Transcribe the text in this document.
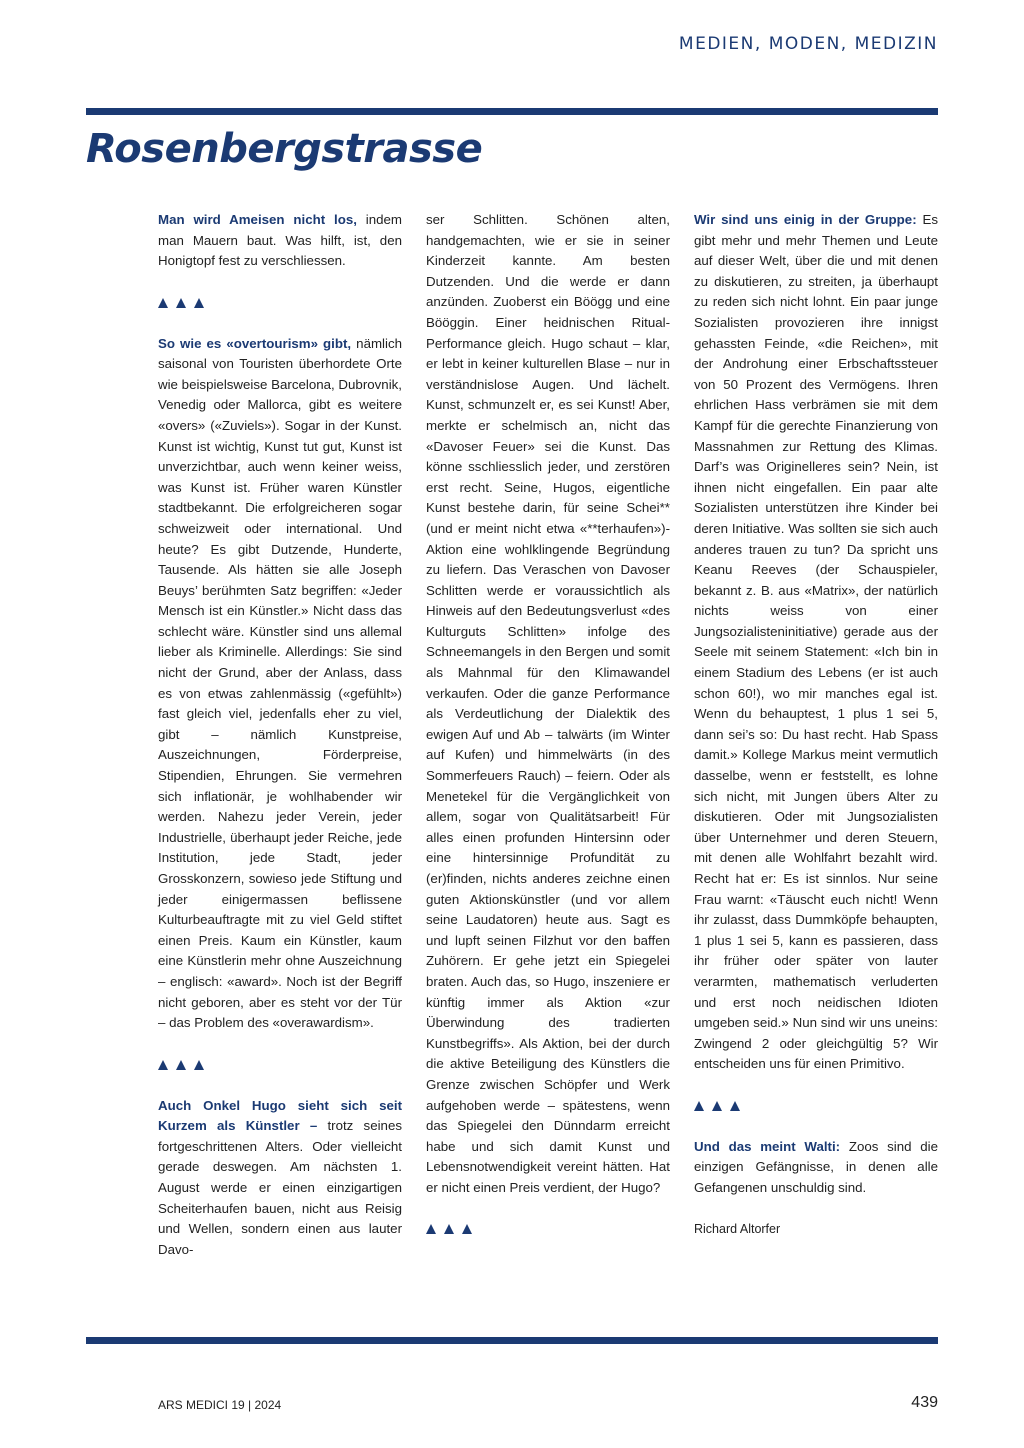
MEDIEN, MODEN, MEDIZIN
Rosenbergstrasse

Man wird Ameisen nicht los, indem man Mauern baut. Was hilft, ist, den Honigtopf fest zu verschliessen.

So wie es «overtourism» gibt, nämlich saisonal von Touristen überhordete Orte wie beispielsweise Barcelona, Dubrovnik, Venedig oder Mallorca, gibt es weitere «overs» («Zuviels»). Sogar in der Kunst. Kunst ist wichtig, Kunst tut gut, Kunst ist unverzichtbar, auch wenn keiner weiss, was Kunst ist. Früher waren Künstler stadtbekannt. Die erfolgreicheren sogar schweizweit oder international. Und heute? Es gibt Dutzende, Hunderte, Tausende. Als hätten sie alle Joseph Beuys’ berühmten Satz begriffen: «Jeder Mensch ist ein Künstler.» Nicht dass das schlecht wäre. Künstler sind uns allemal lieber als Kriminelle. Allerdings: Sie sind nicht der Grund, aber der Anlass, dass es von etwas zahlenmässig («gefühlt») fast gleich viel, jedenfalls eher zu viel, gibt – nämlich Kunstpreise, Auszeichnungen, Förderpreise, Stipendien, Ehrungen. Sie vermehren sich inflationär, je wohlhabender wir werden. Nahezu jeder Verein, jeder Industrielle, überhaupt jeder Reiche, jede Institution, jede Stadt, jeder Grosskonzern, sowieso jede Stiftung und jeder einigermassen beflissene Kulturbeauftragte mit zu viel Geld stiftet einen Preis. Kaum ein Künstler, kaum eine Künstlerin mehr ohne Auszeichnung – englisch: «award». Noch ist der Begriff nicht geboren, aber es steht vor der Tür – das Problem des «overawardism».

Auch Onkel Hugo sieht sich seit Kurzem als Künstler – trotz seines fortgeschrittenen Alters. Oder vielleicht gerade deswegen. Am nächsten 1. August werde er einen einzigartigen Scheiterhaufen bauen, nicht aus Reisig und Wellen, sondern einen aus lauter Davo-

ser Schlitten. Schönen alten, handgemachten, wie er sie in seiner Kinderzeit kannte. Am besten Dutzenden. Und die werde er dann anzünden. Zuoberst ein Böögg und eine Bööggin. Einer heidnischen Ritual-Performance gleich. Hugo schaut – klar, er lebt in keiner kulturellen Blase – nur in verständnislose Augen. Und lächelt. Kunst, schmunzelt er, es sei Kunst! Aber, merkte er schelmisch an, nicht das «Davoser Feuer» sei die Kunst. Das könne sschliesslich jeder, und zerstören erst recht. Seine, Hugos, eigentliche Kunst bestehe darin, für seine Schei**(und er meint nicht etwa «**terhaufen»)-Aktion eine wohlklingende Begründung zu liefern. Das Veraschen von Davoser Schlitten werde er voraussichtlich als Hinweis auf den Bedeutungsverlust «des Kulturguts Schlitten» infolge des Schneemangels in den Bergen und somit als Mahnmal für den Klimawandel verkaufen. Oder die ganze Performance als Verdeutlichung der Dialektik des ewigen Auf und Ab – talwärts (im Winter auf Kufen) und himmelwärts (in des Sommerfeuers Rauch) – feiern. Oder als Menetekel für die Vergänglichkeit von allem, sogar von Qualitätsarbeit! Für alles einen profunden Hintersinn oder eine hintersinnige Profundität zu (er)finden, nichts anderes zeichne einen guten Aktionskünstler (und vor allem seine Laudatoren) heute aus. Sagt es und lupft seinen Filzhut vor den baffen Zuhörern. Er gehe jetzt ein Spiegelei braten. Auch das, so Hugo, inszeniere er künftig immer als Aktion «zur Überwindung des tradierten Kunstbegriffs». Als Aktion, bei der durch die aktive Beteiligung des Künstlers die Grenze zwischen Schöpfer und Werk aufgehoben werde – spätestens, wenn das Spiegelei den Dünndarm erreicht habe und sich damit Kunst und Lebensnotwendigkeit vereint hätten. Hat er nicht einen Preis verdient, der Hugo?

Wir sind uns einig in der Gruppe: Es gibt mehr und mehr Themen und Leute auf dieser Welt, über die und mit denen zu diskutieren, zu streiten, ja überhaupt zu reden sich nicht lohnt. Ein paar junge Sozialisten provozieren ihre innigst gehassten Feinde, «die Reichen», mit der Androhung einer Erbschaftssteuer von 50 Prozent des Vermögens. Ihren ehrlichen Hass verbrämen sie mit dem Kampf für die gerechte Finanzierung von Massnahmen zur Rettung des Klimas. Darf’s was Originelleres sein? Nein, ist ihnen nicht eingefallen. Ein paar alte Sozialisten unterstützen ihre Kinder bei deren Initiative. Was sollten sie sich auch anderes trauen zu tun? Da spricht uns Keanu Reeves (der Schauspieler, bekannt z. B. aus «Matrix», der natürlich nichts weiss von einer Jungsozialisteninitiative) gerade aus der Seele mit seinem Statement: «Ich bin in einem Stadium des Lebens (er ist auch schon 60!), wo mir manches egal ist. Wenn du behauptest, 1 plus 1 sei 5, dann sei’s so: Du hast recht. Hab Spass damit.» Kollege Markus meint vermutlich dasselbe, wenn er feststellt, es lohne sich nicht, mit Jungen übers Alter zu diskutieren. Oder mit Jungsozialisten über Unternehmer und deren Steuern, mit denen alle Wohlfahrt bezahlt wird. Recht hat er: Es ist sinnlos. Nur seine Frau warnt: «Täuscht euch nicht! Wenn ihr zulasst, dass Dummköpfe behaupten, 1 plus 1 sei 5, kann es passieren, dass ihr früher oder später von lauter verarmten, mathematisch verluderten und erst noch neidischen Idioten umgeben seid.» Nun sind wir uns uneins: Zwingend 2 oder gleichgültig 5? Wir entscheiden uns für einen Primitivo.

Und das meint Walti: Zoos sind die einzigen Gefängnisse, in denen alle Gefangenen unschuldig sind.

Richard Altorfer
ARS MEDICI 19 | 2024	439
